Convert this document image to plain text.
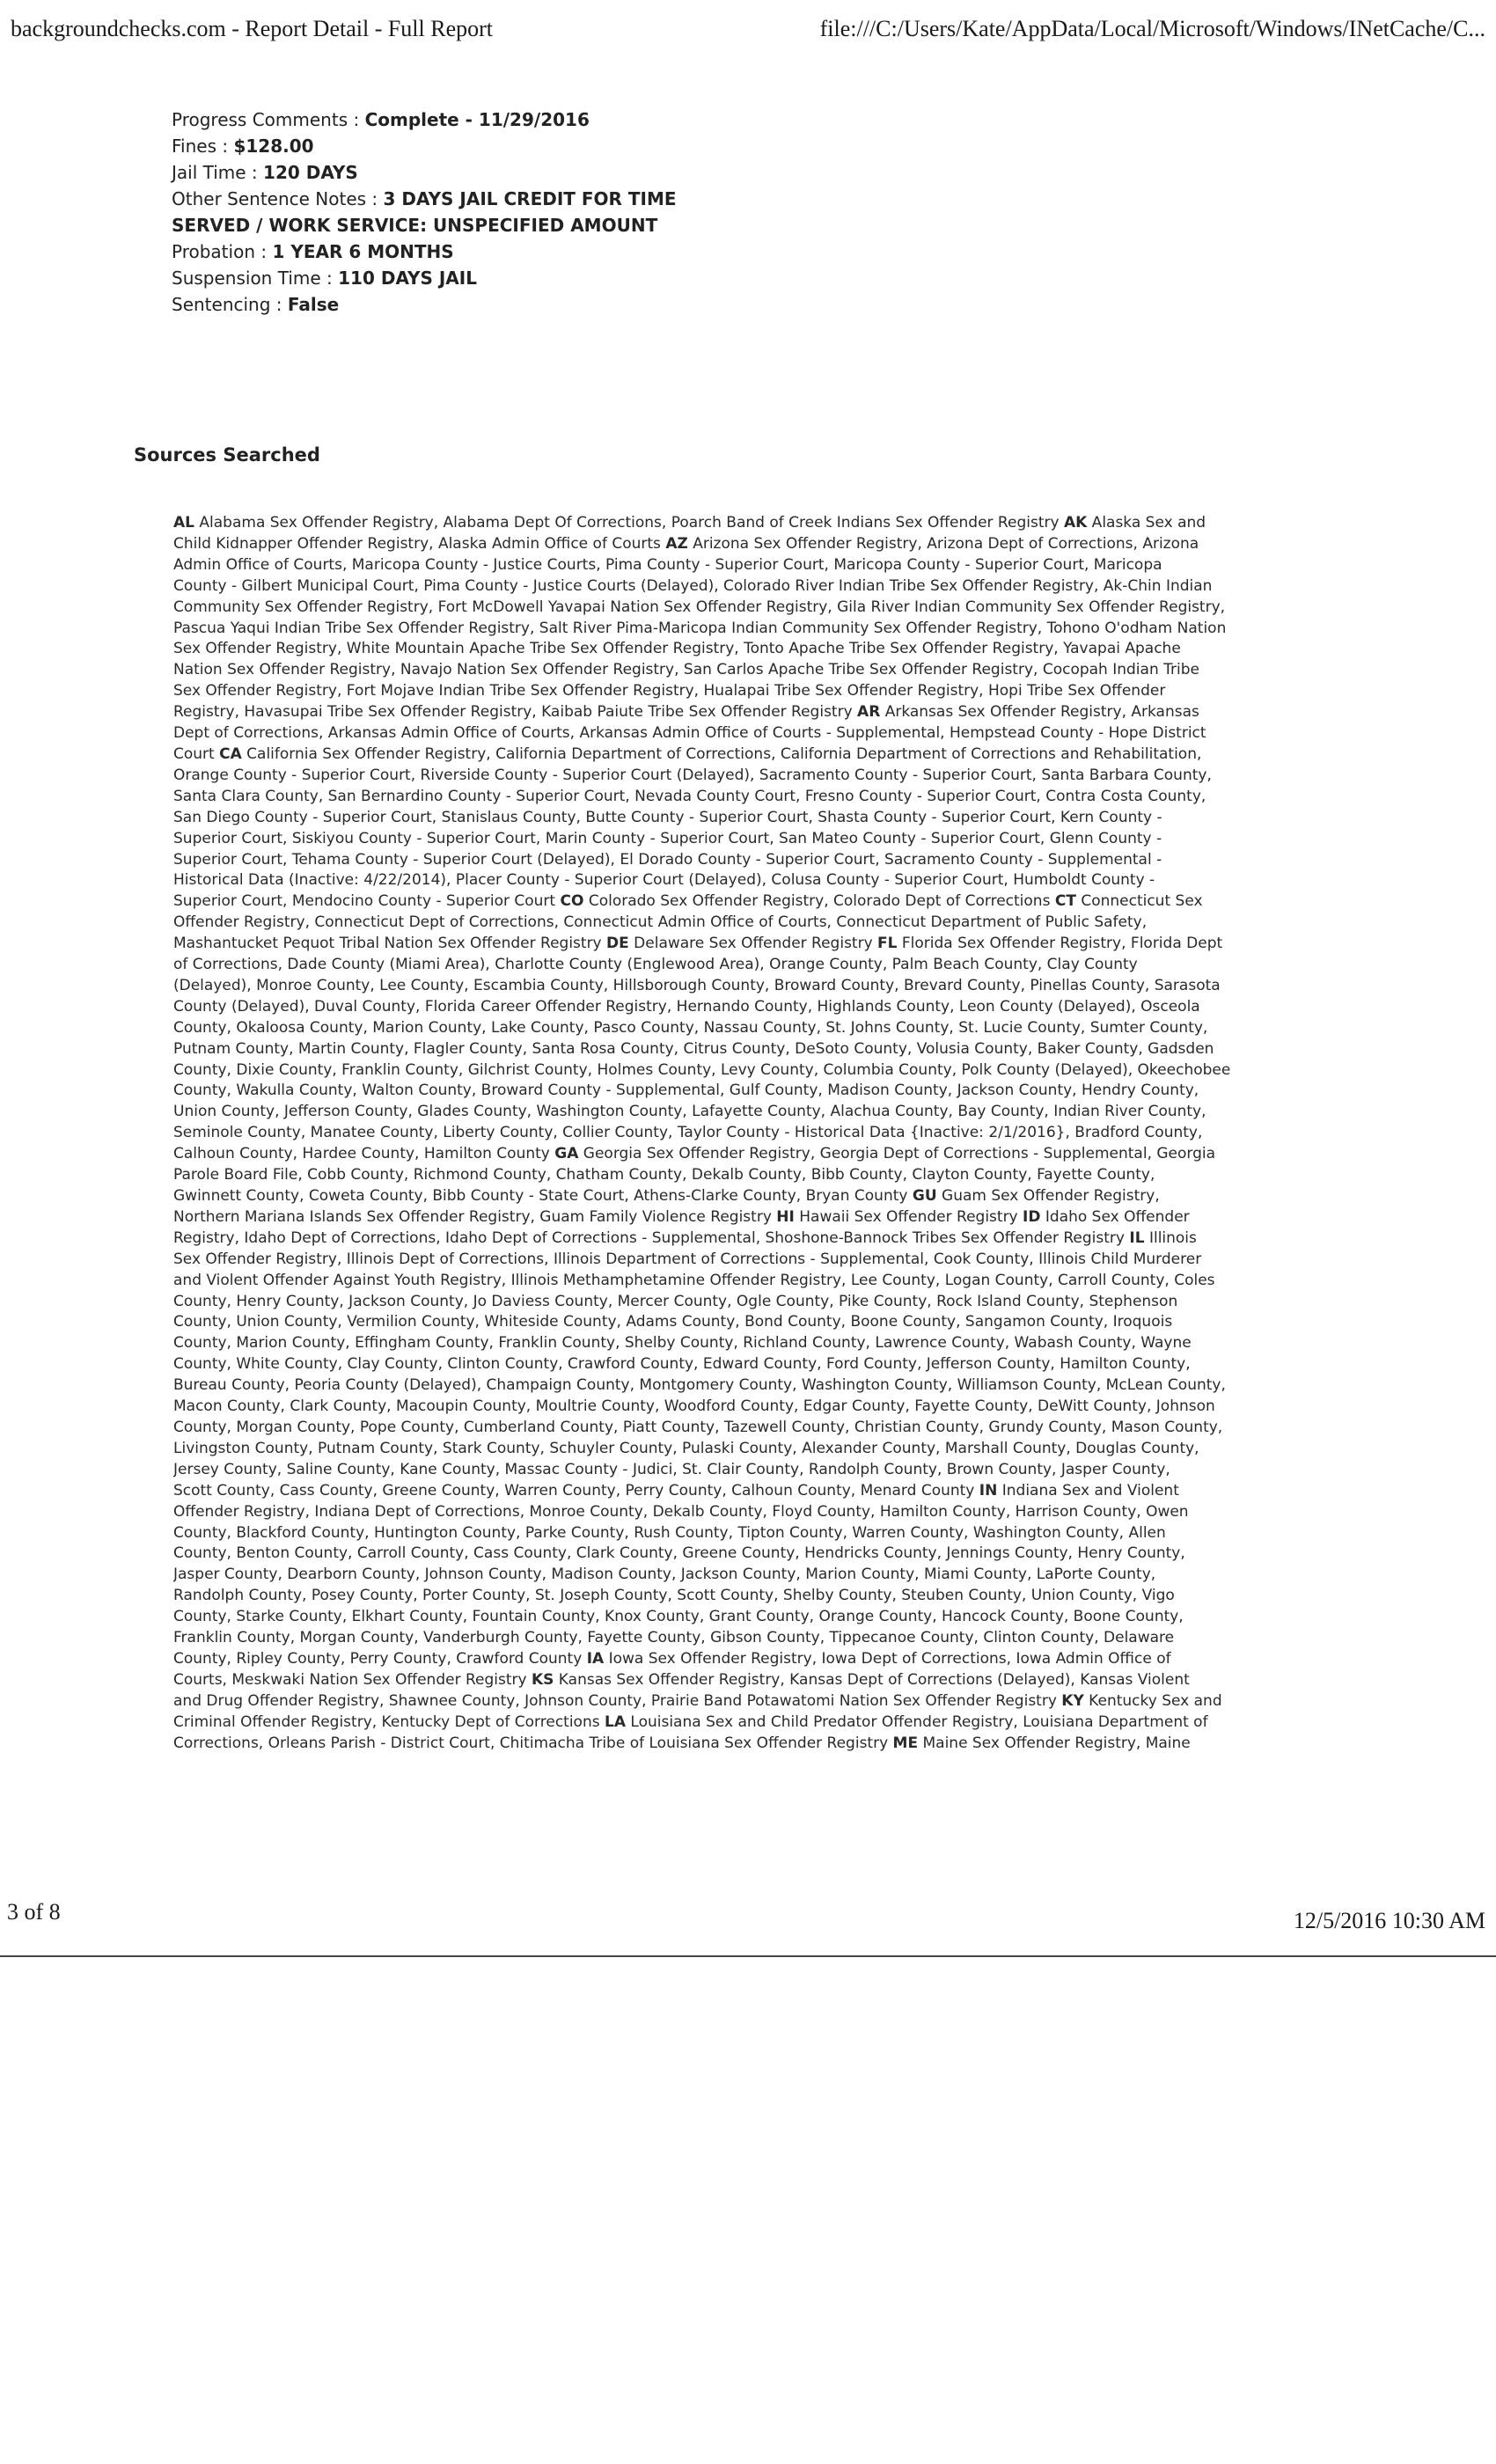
backgroundchecks.com - Report Detail - Full Report	file:///C:/Users/Kate/AppData/Local/Microsoft/Windows/INetCache/C...
Progress Comments : Complete - 11/29/2016
Fines : $128.00
Jail Time : 120 DAYS
Other Sentence Notes : 3 DAYS JAIL CREDIT FOR TIME
SERVED / WORK SERVICE: UNSPECIFIED AMOUNT
Probation : 1 YEAR 6 MONTHS
Suspension Time : 110 DAYS JAIL
Sentencing : False
Sources Searched
AL Alabama Sex Offender Registry, Alabama Dept Of Corrections, Poarch Band of Creek Indians Sex Offender Registry AK Alaska Sex and
Child Kidnapper Offender Registry, Alaska Admin Office of Courts AZ Arizona Sex Offender Registry, Arizona Dept of Corrections, Arizona
Admin Office of Courts, Maricopa County - Justice Courts, Pima County - Superior Court, Maricopa County - Superior Court, Maricopa
County - Gilbert Municipal Court, Pima County - Justice Courts (Delayed), Colorado River Indian Tribe Sex Offender Registry, Ak-Chin Indian
Community Sex Offender Registry, Fort McDowell Yavapai Nation Sex Offender Registry, Gila River Indian Community Sex Offender Registry,
Pascua Yaqui Indian Tribe Sex Offender Registry, Salt River Pima-Maricopa Indian Community Sex Offender Registry, Tohono O'odham Nation
Sex Offender Registry, White Mountain Apache Tribe Sex Offender Registry, Tonto Apache Tribe Sex Offender Registry, Yavapai Apache
Nation Sex Offender Registry, Navajo Nation Sex Offender Registry, San Carlos Apache Tribe Sex Offender Registry, Cocopah Indian Tribe
Sex Offender Registry, Fort Mojave Indian Tribe Sex Offender Registry, Hualapai Tribe Sex Offender Registry, Hopi Tribe Sex Offender
Registry, Havasupai Tribe Sex Offender Registry, Kaibab Paiute Tribe Sex Offender Registry AR Arkansas Sex Offender Registry, Arkansas
Dept of Corrections, Arkansas Admin Office of Courts, Arkansas Admin Office of Courts - Supplemental, Hempstead County - Hope District
Court CA California Sex Offender Registry, California Department of Corrections, California Department of Corrections and Rehabilitation,
Orange County - Superior Court, Riverside County - Superior Court (Delayed), Sacramento County - Superior Court, Santa Barbara County,
Santa Clara County, San Bernardino County - Superior Court, Nevada County Court, Fresno County - Superior Court, Contra Costa County,
San Diego County - Superior Court, Stanislaus County, Butte County - Superior Court, Shasta County - Superior Court, Kern County -
Superior Court, Siskiyou County - Superior Court, Marin County - Superior Court, San Mateo County - Superior Court, Glenn County -
Superior Court, Tehama County - Superior Court (Delayed), El Dorado County - Superior Court, Sacramento County - Supplemental -
Historical Data (Inactive: 4/22/2014), Placer County - Superior Court (Delayed), Colusa County - Superior Court, Humboldt County -
Superior Court, Mendocino County - Superior Court CO Colorado Sex Offender Registry, Colorado Dept of Corrections CT Connecticut Sex
Offender Registry, Connecticut Dept of Corrections, Connecticut Admin Office of Courts, Connecticut Department of Public Safety,
Mashantucket Pequot Tribal Nation Sex Offender Registry DE Delaware Sex Offender Registry FL Florida Sex Offender Registry, Florida Dept
of Corrections, Dade County (Miami Area), Charlotte County (Englewood Area), Orange County, Palm Beach County, Clay County
(Delayed), Monroe County, Lee County, Escambia County, Hillsborough County, Broward County, Brevard County, Pinellas County, Sarasota
County (Delayed), Duval County, Florida Career Offender Registry, Hernando County, Highlands County, Leon County (Delayed), Osceola
County, Okaloosa County, Marion County, Lake County, Pasco County, Nassau County, St. Johns County, St. Lucie County, Sumter County,
Putnam County, Martin County, Flagler County, Santa Rosa County, Citrus County, DeSoto County, Volusia County, Baker County, Gadsden
County, Dixie County, Franklin County, Gilchrist County, Holmes County, Levy County, Columbia County, Polk County (Delayed), Okeechobee
County, Wakulla County, Walton County, Broward County - Supplemental, Gulf County, Madison County, Jackson County, Hendry County,
Union County, Jefferson County, Glades County, Washington County, Lafayette County, Alachua County, Bay County, Indian River County,
Seminole County, Manatee County, Liberty County, Collier County, Taylor County - Historical Data {Inactive: 2/1/2016}, Bradford County,
Calhoun County, Hardee County, Hamilton County GA Georgia Sex Offender Registry, Georgia Dept of Corrections - Supplemental, Georgia
Parole Board File, Cobb County, Richmond County, Chatham County, Dekalb County, Bibb County, Clayton County, Fayette County,
Gwinnett County, Coweta County, Bibb County - State Court, Athens-Clarke County, Bryan County GU Guam Sex Offender Registry,
Northern Mariana Islands Sex Offender Registry, Guam Family Violence Registry HI Hawaii Sex Offender Registry ID Idaho Sex Offender
Registry, Idaho Dept of Corrections, Idaho Dept of Corrections - Supplemental, Shoshone-Bannock Tribes Sex Offender Registry IL Illinois
Sex Offender Registry, Illinois Dept of Corrections, Illinois Department of Corrections - Supplemental, Cook County, Illinois Child Murderer
and Violent Offender Against Youth Registry, Illinois Methamphetamine Offender Registry, Lee County, Logan County, Carroll County, Coles
County, Henry County, Jackson County, Jo Daviess County, Mercer County, Ogle County, Pike County, Rock Island County, Stephenson
County, Union County, Vermilion County, Whiteside County, Adams County, Bond County, Boone County, Sangamon County, Iroquois
County, Marion County, Effingham County, Franklin County, Shelby County, Richland County, Lawrence County, Wabash County, Wayne
County, White County, Clay County, Clinton County, Crawford County, Edward County, Ford County, Jefferson County, Hamilton County,
Bureau County, Peoria County (Delayed), Champaign County, Montgomery County, Washington County, Williamson County, McLean County,
Macon County, Clark County, Macoupin County, Moultrie County, Woodford County, Edgar County, Fayette County, DeWitt County, Johnson
County, Morgan County, Pope County, Cumberland County, Piatt County, Tazewell County, Christian County, Grundy County, Mason County,
Livingston County, Putnam County, Stark County, Schuyler County, Pulaski County, Alexander County, Marshall County, Douglas County,
Jersey County, Saline County, Kane County, Massac County - Judici, St. Clair County, Randolph County, Brown County, Jasper County,
Scott County, Cass County, Greene County, Warren County, Perry County, Calhoun County, Menard County IN Indiana Sex and Violent
Offender Registry, Indiana Dept of Corrections, Monroe County, Dekalb County, Floyd County, Hamilton County, Harrison County, Owen
County, Blackford County, Huntington County, Parke County, Rush County, Tipton County, Warren County, Washington County, Allen
County, Benton County, Carroll County, Cass County, Clark County, Greene County, Hendricks County, Jennings County, Henry County,
Jasper County, Dearborn County, Johnson County, Madison County, Jackson County, Marion County, Miami County, LaPorte County,
Randolph County, Posey County, Porter County, St. Joseph County, Scott County, Shelby County, Steuben County, Union County, Vigo
County, Starke County, Elkhart County, Fountain County, Knox County, Grant County, Orange County, Hancock County, Boone County,
Franklin County, Morgan County, Vanderburgh County, Fayette County, Gibson County, Tippecanoe County, Clinton County, Delaware
County, Ripley County, Perry County, Crawford County IA Iowa Sex Offender Registry, Iowa Dept of Corrections, Iowa Admin Office of
Courts, Meskwaki Nation Sex Offender Registry KS Kansas Sex Offender Registry, Kansas Dept of Corrections (Delayed), Kansas Violent
and Drug Offender Registry, Shawnee County, Johnson County, Prairie Band Potawatomi Nation Sex Offender Registry KY Kentucky Sex and
Criminal Offender Registry, Kentucky Dept of Corrections LA Louisiana Sex and Child Predator Offender Registry, Louisiana Department of
Corrections, Orleans Parish - District Court, Chitimacha Tribe of Louisiana Sex Offender Registry ME Maine Sex Offender Registry, Maine
3 of 8	12/5/2016 10:30 AM
